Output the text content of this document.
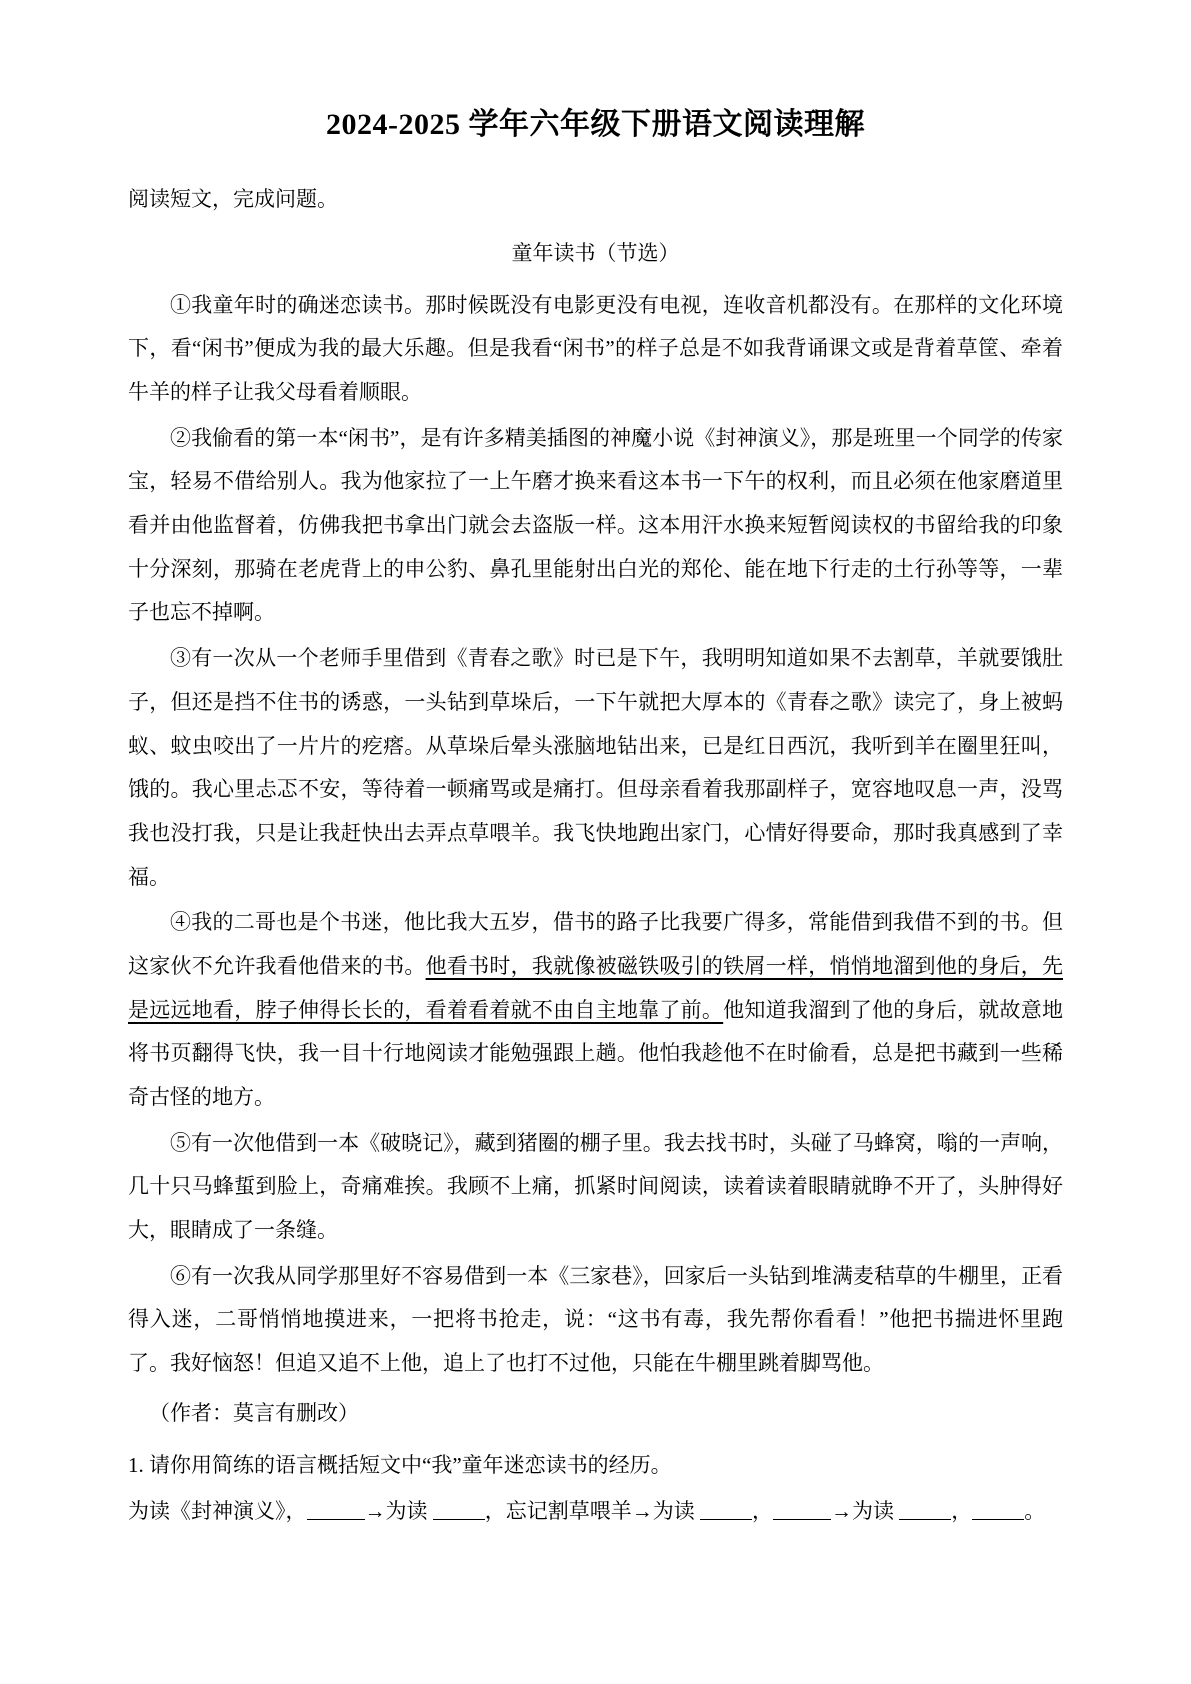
2024-2025 学年六年级下册语文阅读理解

阅读短文，完成问题。

童年读书（节选）

①我童年时的确迷恋读书。那时候既没有电影更没有电视，连收音机都没有。在那样的文化环境下，看“闲书”便成为我的最大乐趣。但是我看“闲书”的样子总是不如我背诵课文或是背着草筐、牵着牛羊的样子让我父母看着顺眼。

②我偷看的第一本“闲书”，是有许多精美插图的神魔小说《封神演义》，那是班里一个同学的传家宝，轻易不借给别人。我为他家拉了一上午磨才换来看这本书一下午的权利，而且必须在他家磨道里看并由他监督着，仿佛我把书拿出门就会去盗版一样。这本用汗水换来短暂阅读权的书留给我的印象十分深刻，那骑在老虎背上的申公豹、鼻孔里能射出白光的郑伦、能在地下行走的土行孙等等，一辈子也忘不掉啊。

③有一次从一个老师手里借到《青春之歌》时已是下午，我明明知道如果不去割草，羊就要饿肚子，但还是挡不住书的诱惑，一头钻到草垛后，一下午就把大厚本的《青春之歌》读完了，身上被蚂蚁、蚊虫咬出了一片片的疙瘩。从草垛后晕头涨脑地钻出来，已是红日西沉，我听到羊在圈里狂叫，饿的。我心里忐忑不安，等待着一顿痛骂或是痛打。但母亲看着我那副样子，宽容地叹息一声，没骂我也没打我，只是让我赶快出去弄点草喂羊。我飞快地跑出家门，心情好得要命，那时我真感到了幸福。

④我的二哥也是个书迷，他比我大五岁，借书的路子比我要广得多，常能借到我借不到的书。但这家伙不允许我看他借来的书。他看书时，我就像被磁铁吸引的铁屑一样，悄悄地溜到他的身后，先是远远地看，脖子伸得长长的，看着看着就不由自主地靠了前。他知道我溜到了他的身后，就故意地将书页翻得飞快，我一目十行地阅读才能勉强跟上趟。他怕我趁他不在时偷看，总是把书藏到一些稀奇古怪的地方。

⑤有一次他借到一本《破晓记》，藏到猪圈的棚子里。我去找书时，头碰了马蜂窝，嗡的一声响，几十只马蜂蜇到脸上，奇痛难挨。我顾不上痛，抓紧时间阅读，读着读着眼睛就睁不开了，头肿得好大，眼睛成了一条缝。

⑥有一次我从同学那里好不容易借到一本《三家巷》，回家后一头钻到堆满麦秸草的牛棚里，正看得入迷，二哥悄悄地摸进来，一把将书抢走，说：“这书有毒，我先帮你看看！”他把书揣进怀里跑了。我好恼怒！但追又追不上他，追上了也打不过他，只能在牛棚里跳着脚骂他。

（作者：莫言有删改）

1. 请你用简练的语言概括短文中“我”童年迷恋读书的经历。

为读《封神演义》，	→为读	，忘记割草喂羊→为读	，	→为读	， 。
